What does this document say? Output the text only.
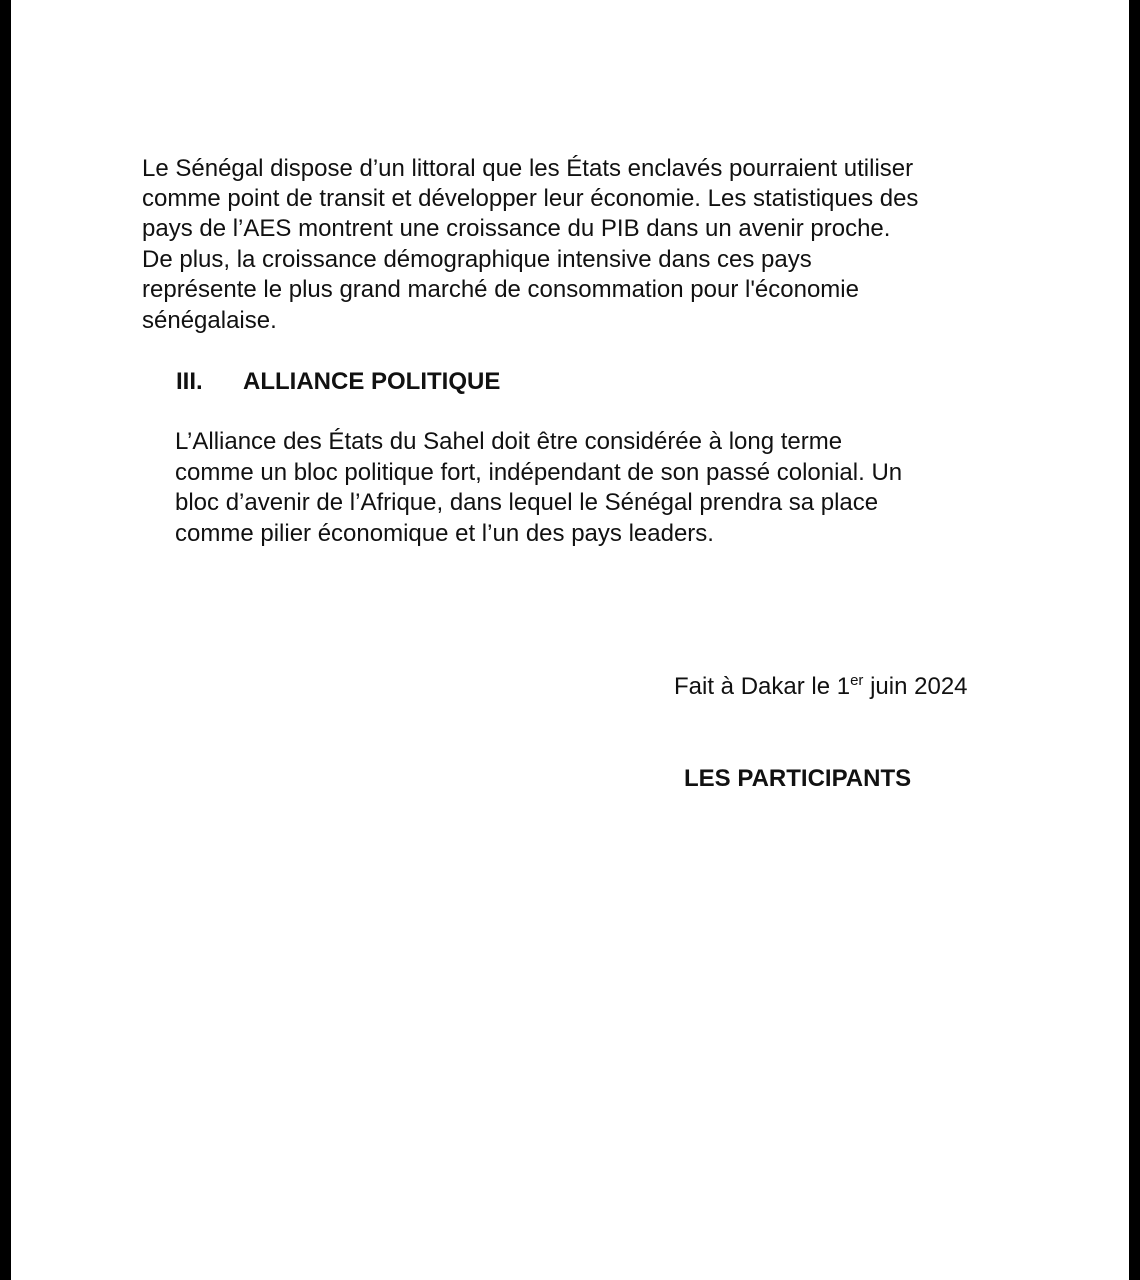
Le Sénégal dispose d’un littoral que les États enclavés pourraient utiliser
comme point de transit et développer leur économie. Les statistiques des
pays de l’AES montrent une croissance du PIB dans un avenir proche.
De plus, la croissance démographique intensive dans ces pays
représente le plus grand marché de consommation pour l'économie
sénégalaise.
III. ALLIANCE POLITIQUE
L’Alliance des États du Sahel doit être considérée à long terme
comme un bloc politique fort, indépendant de son passé colonial. Un
bloc d’avenir de l’Afrique, dans lequel le Sénégal prendra sa place
comme pilier économique et l’un des pays leaders.
Fait à Dakar le 1er juin 2024
LES PARTICIPANTS
